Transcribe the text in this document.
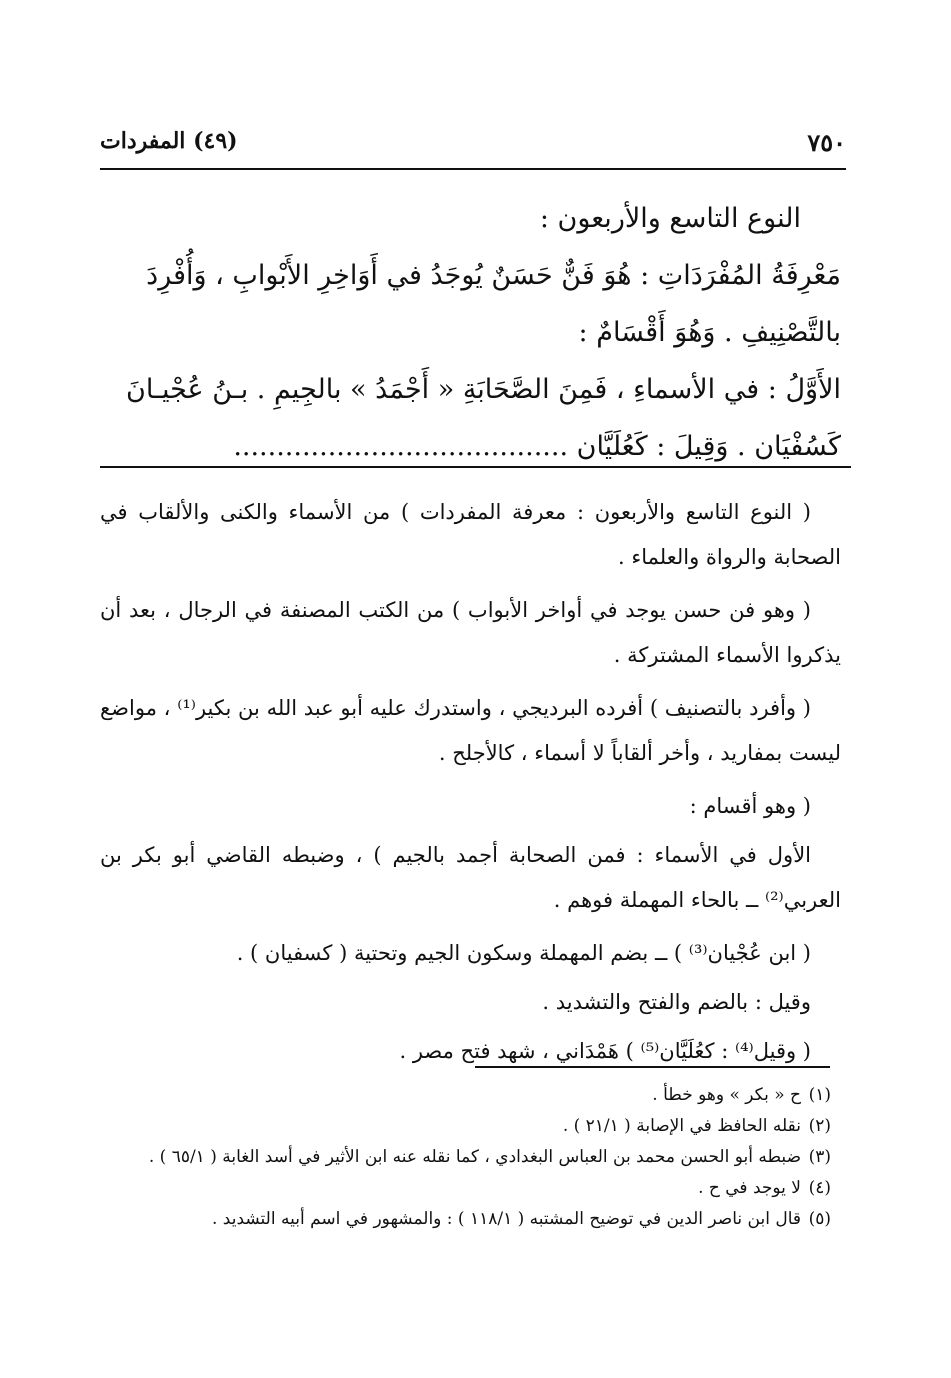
٧٥٠
(٤٩) المفردات

النوع التاسع والأربعون :

مَعْرِفَةُ المُفْرَدَاتِ : هُوَ فَنٌّ حَسَنٌ يُوجَدُ في أَوَاخِرِ الأَبْوابِ ، وَأُفْرِدَ

بالتَّصْنِيفِ . وَهُوَ أَقْسَامٌ :

الأَوَّلُ : في الأسماءِ ، فَمِنَ الصَّحَابَةِ « أَجْمَدُ » بالجِيمِ . بـنُ عُجْيـانَ

كَسُفْيَان . وَقِيلَ : كَعُلَيَّان .......................................

( النوع التاسع والأربعون : معرفة المفردات ) من الأسماء والكنى والألقاب في الصحابة والرواة والعلماء .

( وهو فن حسن يوجد في أواخر الأبواب ) من الكتب المصنفة في الرجال ، بعد أن يذكروا الأسماء المشتركة .

( وأفرد بالتصنيف ) أفرده البرديجي ، واستدرك عليه أبو عبد الله بن بكير⁽¹⁾ ، مواضع ليست بمفاريد ، وأخر ألقاباً لا أسماء ، كالأجلح .

( وهو أقسام :

الأول في الأسماء : فمن الصحابة أجمد بالجيم ) ، وضبطه القاضي أبو بكر بن العربي⁽²⁾ ــ بالحاء المهملة فوهم .

( ابن عُجْيان⁽³⁾ ) ــ بضم المهملة وسكون الجيم وتحتية ( كسفيان ) .

وقيل : بالضم والفتح والتشديد .

( وقيل⁽⁴⁾ : كعُلَيَّان⁽⁵⁾ ) هَمْدَاني ، شهد فتح مصر .

(١)ح « بكر » وهو خطأ .
(٢)نقله الحافظ في الإصابة ( ٢١/١ ) .
(٣)ضبطه أبو الحسن محمد بن العباس البغدادي ، كما نقله عنه ابن الأثير في أسد الغابة ( ٦٥/١ ) .
(٤)لا يوجد في ح .
(٥)قال ابن ناصر الدين في توضيح المشتبه ( ١١٨/١ ) : والمشهور في اسم أبيه التشديد .
